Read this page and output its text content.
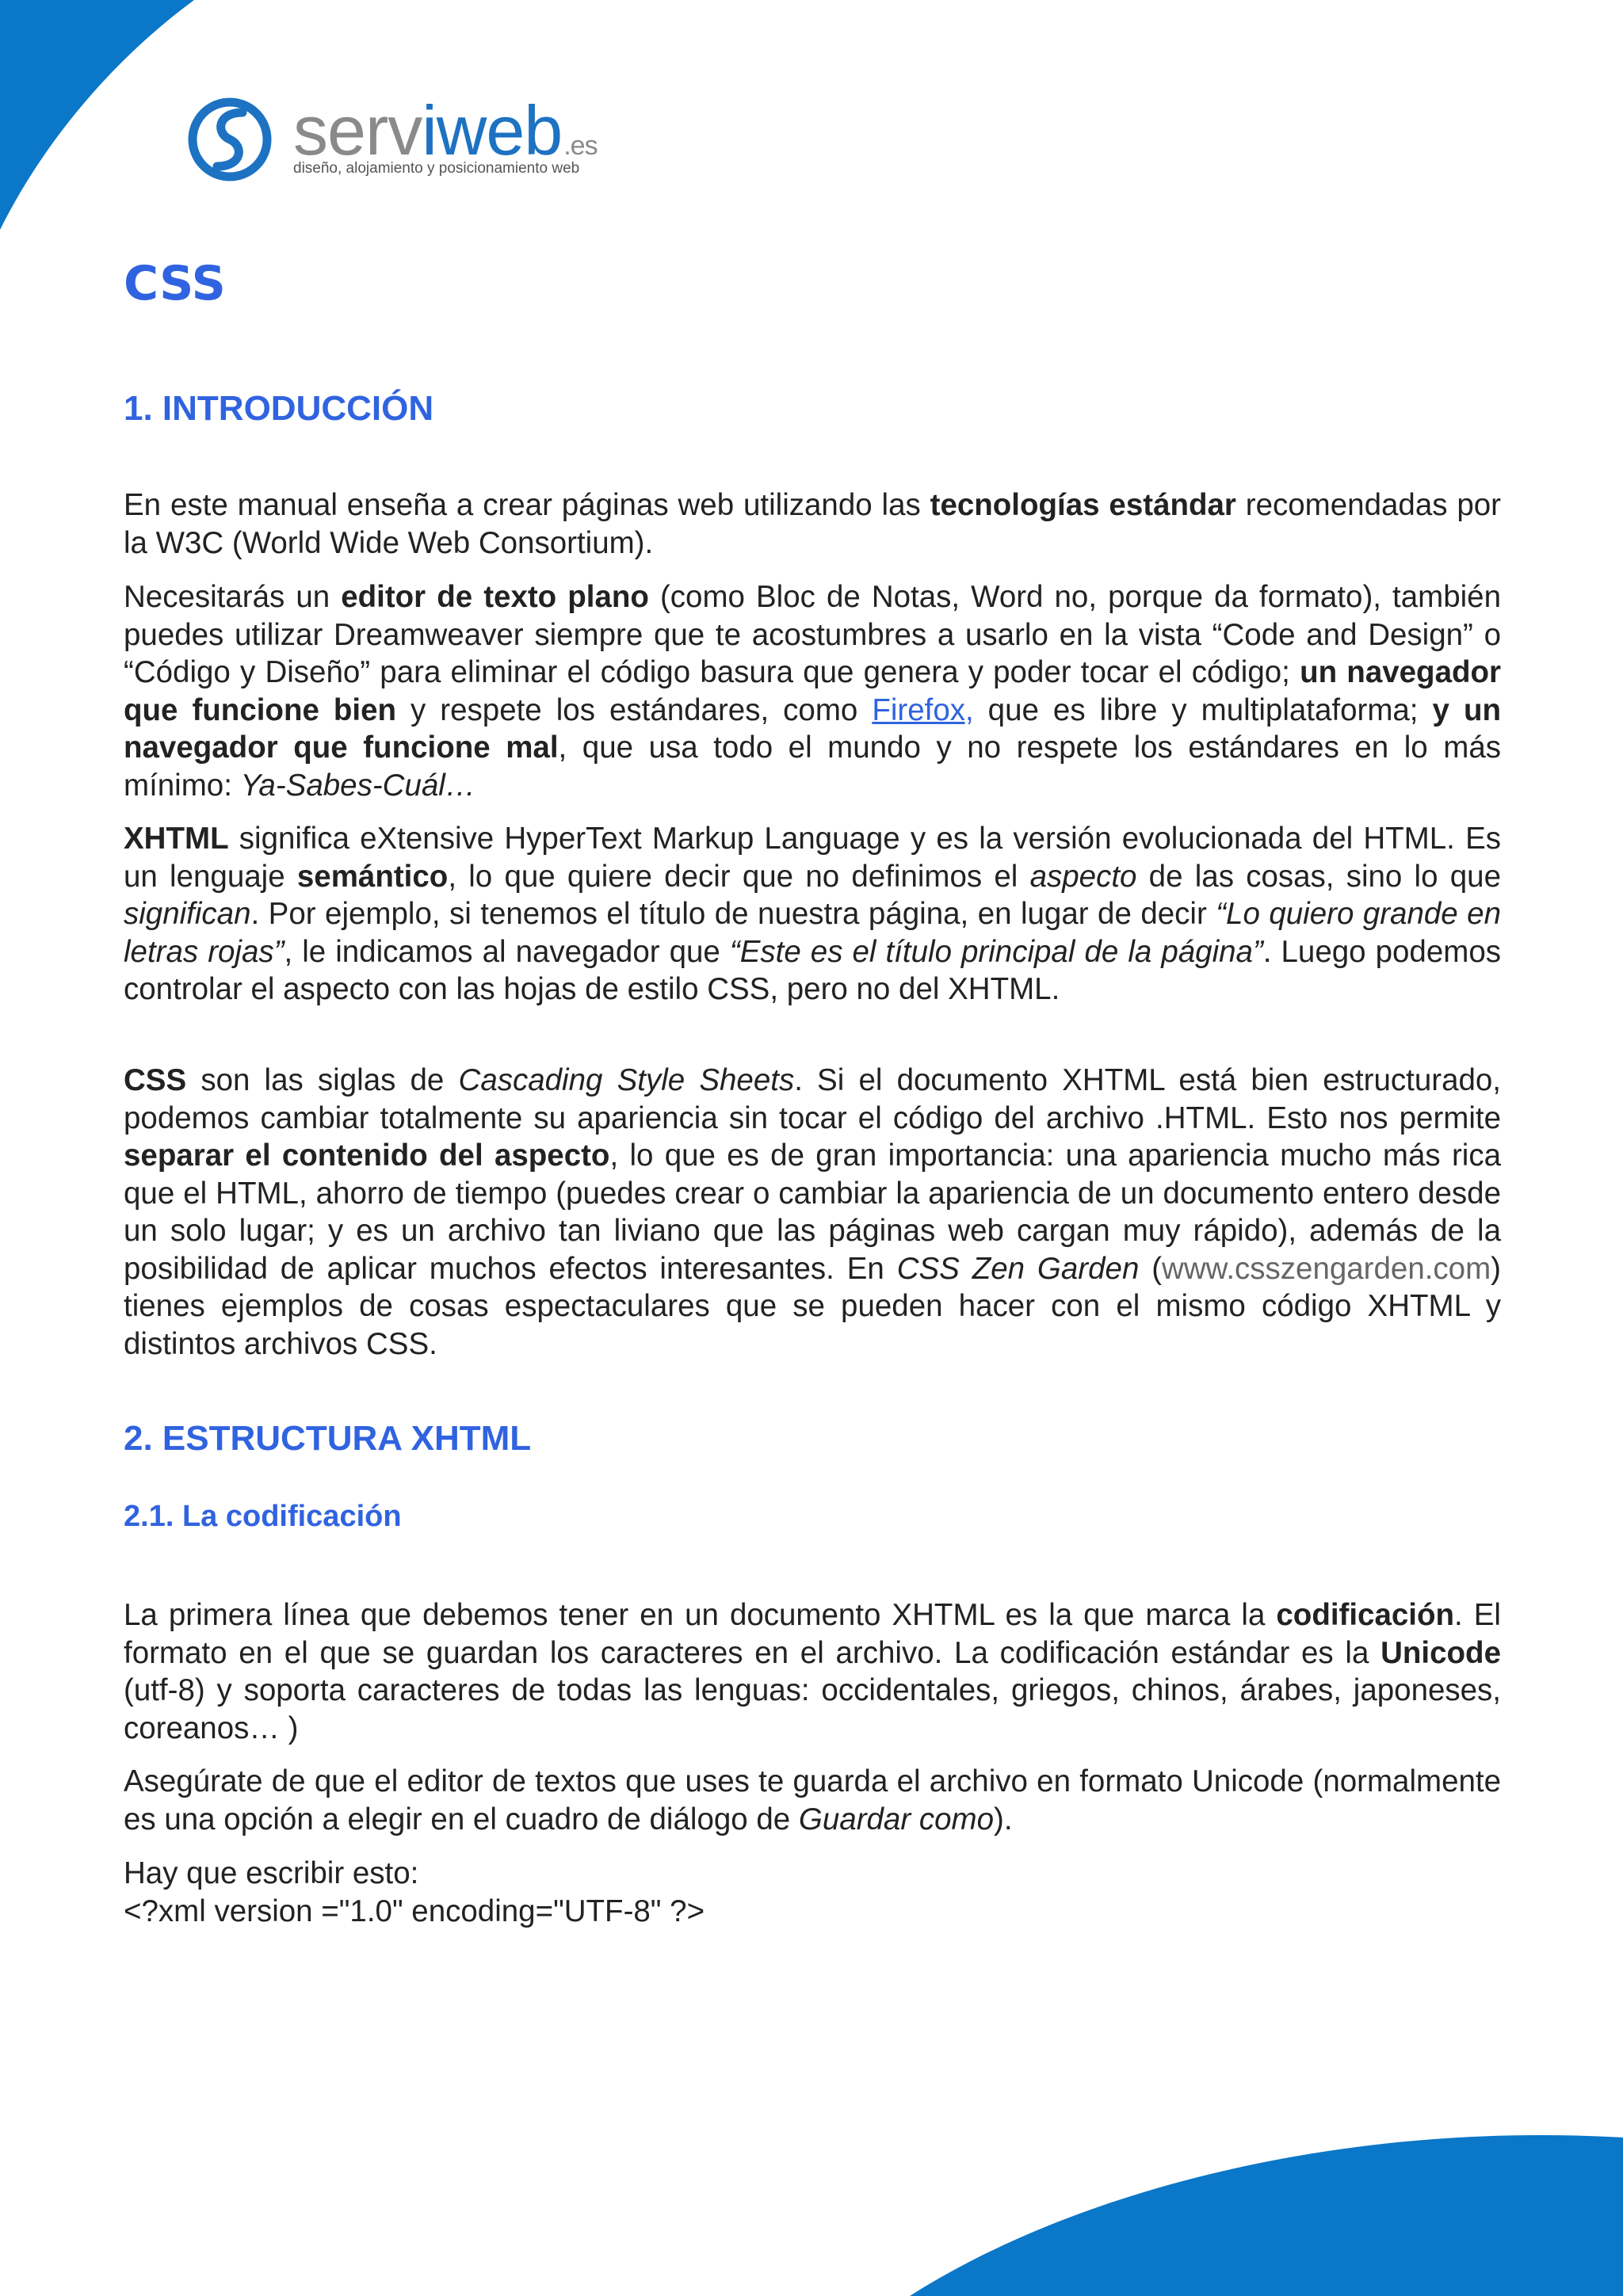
serviweb.es
diseño, alojamiento y posicionamiento web
CSS
1. INTRODUCCIÓN

En este manual enseña a crear páginas web utilizando las tecnologías estándar recomendadas por la W3C (World Wide Web Consortium).

Necesitarás un editor de texto plano (como Bloc de Notas, Word no, porque da formato), también puedes utilizar Dreamweaver siempre que te acostumbres a usarlo en la vista “Code and Design” o “Código y Diseño” para eliminar el código basura que genera y poder tocar el código; un navegador que funcione bien y respete los estándares, como Firefox, que es libre y multiplataforma; y un navegador que funcione mal, que usa todo el mundo y no respete los estándares en lo más mínimo: Ya-Sabes-Cuál…

XHTML significa eXtensive HyperText Markup Language y es la versión evolucionada del HTML. Es un lenguaje semántico, lo que quiere decir que no definimos el aspecto de las cosas, sino lo que significan. Por ejemplo, si tenemos el título de nuestra página, en lugar de decir “Lo quiero grande en letras rojas”, le indicamos al navegador que “Este es el título principal de la página”. Luego podemos controlar el aspecto con las hojas de estilo CSS, pero no del XHTML.

CSS son las siglas de Cascading Style Sheets. Si el documento XHTML está bien estructurado, podemos cambiar totalmente su apariencia sin tocar el código del archivo .HTML. Esto nos permite separar el contenido del aspecto, lo que es de gran importancia: una apariencia mucho más rica que el HTML, ahorro de tiempo (puedes crear o cambiar la apariencia de un documento entero desde un solo lugar; y es un archivo tan liviano que las páginas web cargan muy rápido), además de la posibilidad de aplicar muchos efectos interesantes. En CSS Zen Garden (www.csszengarden.com) tienes ejemplos de cosas espectaculares que se pueden hacer con el mismo código XHTML y distintos archivos CSS.

2. ESTRUCTURA XHTML
2.1. La codificación

La primera línea que debemos tener en un documento XHTML es la que marca la codificación. El formato en el que se guardan los caracteres en el archivo. La codificación estándar es la Unicode (utf-8) y soporta caracteres de todas las lenguas: occidentales, griegos, chinos, árabes, japoneses, coreanos… )

Asegúrate de que el editor de textos que uses te guarda el archivo en formato Unicode (normalmente es una opción a elegir en el cuadro de diálogo de Guardar como).

Hay que escribir esto:
<?xml version ="1.0" encoding="UTF-8" ?>
